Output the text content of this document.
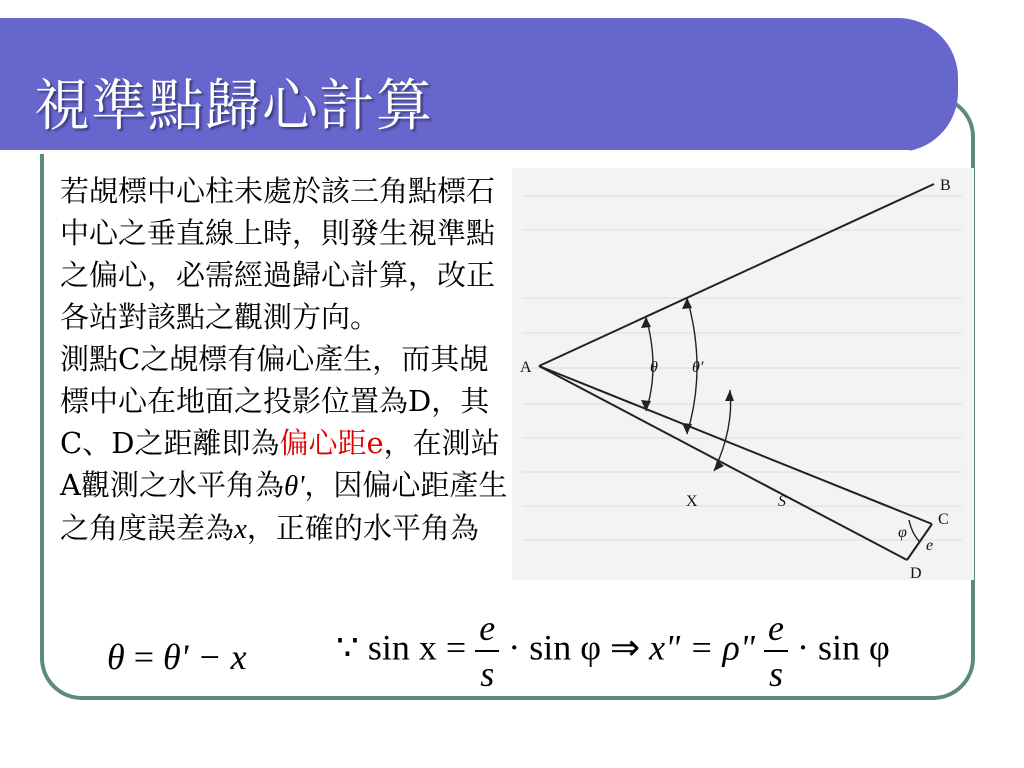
視準點歸心計算

若覘標中心柱未處於該三角點標石中心之垂直線上時，則發生視準點之偏心，必需經過歸心計算，改正各站對該點之觀測方向。

測點C之覘標有偏心產生，而其覘標中心在地面之投影位置為D，其C、D之距離即為偏心距e，在測站A觀測之水平角為θ'，因偏心距產生之角度誤差為x，正確的水平角為

A
B
C
D
X	S
e
θ θ′
φ
θ = θ' − x ∵ $\sin x = \frac{e}{s} \cdot \sin \varphi$ ⇒ x" = ρ" $\frac{e}{s} \cdot \sin \varphi$
